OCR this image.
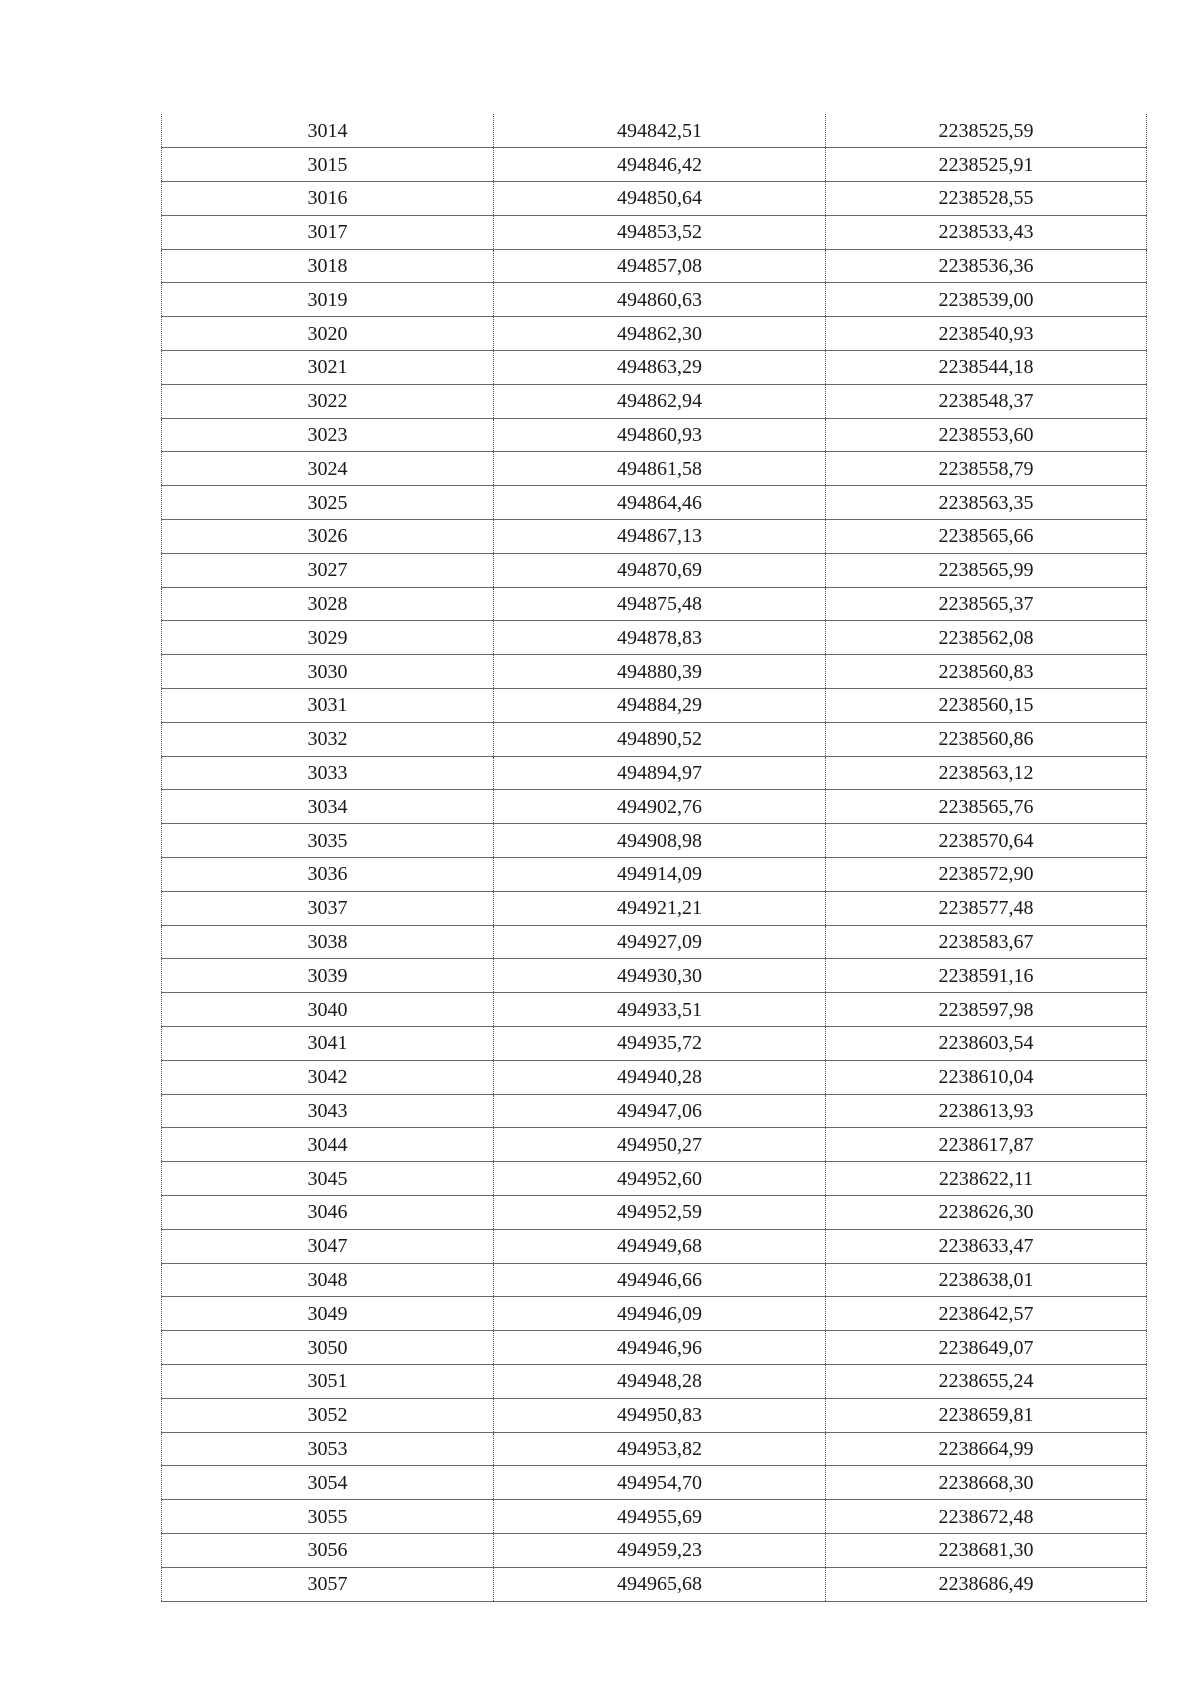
3014	494842,51	2238525,59
3015	494846,42	2238525,91
3016	494850,64	2238528,55
3017	494853,52	2238533,43
3018	494857,08	2238536,36
3019	494860,63	2238539,00
3020	494862,30	2238540,93
3021	494863,29	2238544,18
3022	494862,94	2238548,37
3023	494860,93	2238553,60
3024	494861,58	2238558,79
3025	494864,46	2238563,35
3026	494867,13	2238565,66
3027	494870,69	2238565,99
3028	494875,48	2238565,37
3029	494878,83	2238562,08
3030	494880,39	2238560,83
3031	494884,29	2238560,15
3032	494890,52	2238560,86
3033	494894,97	2238563,12
3034	494902,76	2238565,76
3035	494908,98	2238570,64
3036	494914,09	2238572,90
3037	494921,21	2238577,48
3038	494927,09	2238583,67
3039	494930,30	2238591,16
3040	494933,51	2238597,98
3041	494935,72	2238603,54
3042	494940,28	2238610,04
3043	494947,06	2238613,93
3044	494950,27	2238617,87
3045	494952,60	2238622,11
3046	494952,59	2238626,30
3047	494949,68	2238633,47
3048	494946,66	2238638,01
3049	494946,09	2238642,57
3050	494946,96	2238649,07
3051	494948,28	2238655,24
3052	494950,83	2238659,81
3053	494953,82	2238664,99
3054	494954,70	2238668,30
3055	494955,69	2238672,48
3056	494959,23	2238681,30
3057	494965,68	2238686,49
